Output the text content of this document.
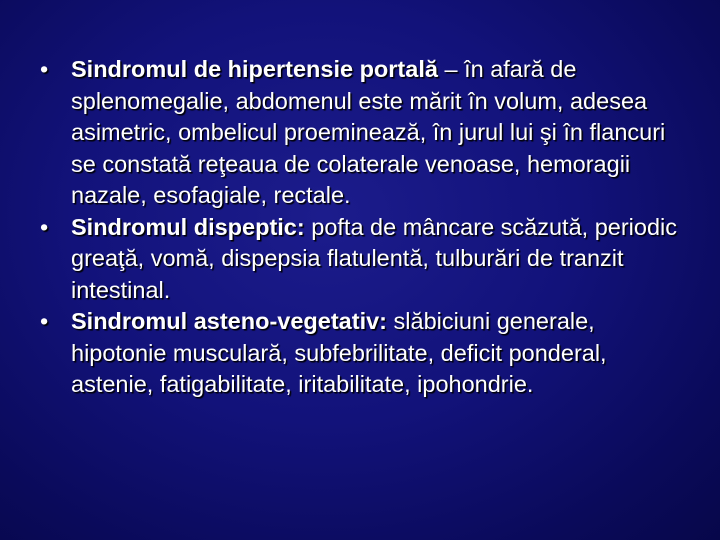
• Sindromul de hipertensie portală – în afară de splenomegalie, abdomenul este mărit în volum, adesea asimetric, ombelicul proeminează, în jurul lui şi în flancuri se constată reţeaua de colaterale venoase, hemoragii nazale, esofagiale, rectale.
• Sindromul dispeptic: pofta de mâncare scăzută, periodic greaţă, vomă, dispepsia flatulentă, tulburări de tranzit intestinal.
• Sindromul asteno-vegetativ: slăbiciuni generale, hipotonie musculară, subfebrilitate, deficit ponderal, astenie, fatigabilitate, iritabilitate, ipohondrie.
